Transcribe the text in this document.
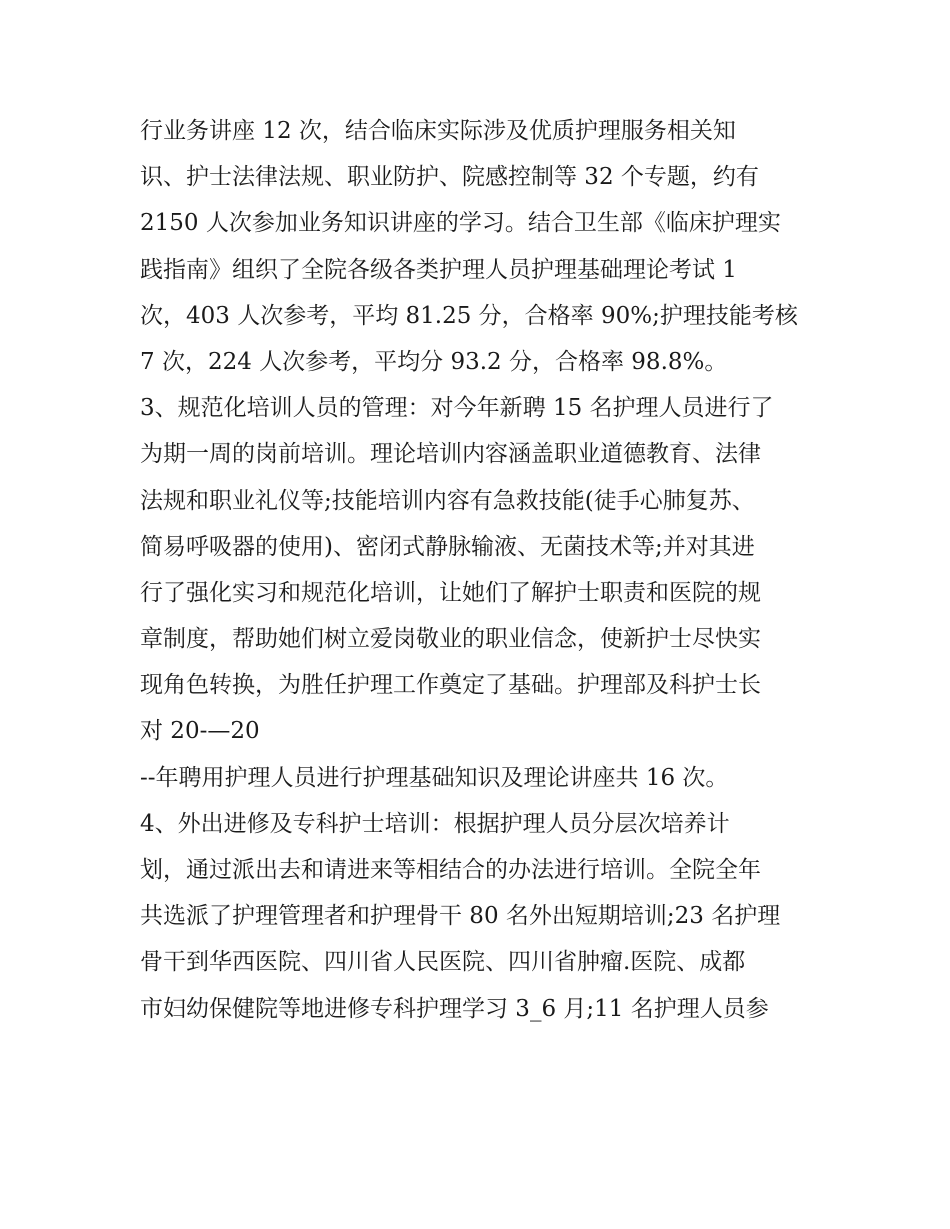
行业务讲座 12 次，结合临床实际涉及优质护理服务相关知
识、护士法律法规、职业防护、院感控制等 32 个专题，约有
2150 人次参加业务知识讲座的学习。结合卫生部《临床护理实
践指南》组织了全院各级各类护理人员护理基础理论考试 1
次，403 人次参考，平均 81.25 分，合格率 90%;护理技能考核
7 次，224 人次参考，平均分 93.2 分，合格率 98.8%。
3、规范化培训人员的管理：对今年新聘 15 名护理人员进行了
为期一周的岗前培训。理论培训内容涵盖职业道德教育、法律
法规和职业礼仪等;技能培训内容有急救技能(徒手心肺复苏、
简易呼吸器的使用)、密闭式静脉输液、无菌技术等;并对其进
行了强化实习和规范化培训，让她们了解护士职责和医院的规
章制度，帮助她们树立爱岗敬业的职业信念，使新护士尽快实
现角色转换，为胜任护理工作奠定了基础。护理部及科护士长
对 20-—20
--年聘用护理人员进行护理基础知识及理论讲座共 16 次。
4、外出进修及专科护士培训：根据护理人员分层次培养计
划，通过派出去和请进来等相结合的办法进行培训。全院全年
共选派了护理管理者和护理骨干 80 名外出短期培训;23 名护理
骨干到华西医院、四川省人民医院、四川省肿瘤.医院、成都
市妇幼保健院等地进修专科护理学习 3_6 月;11 名护理人员参
